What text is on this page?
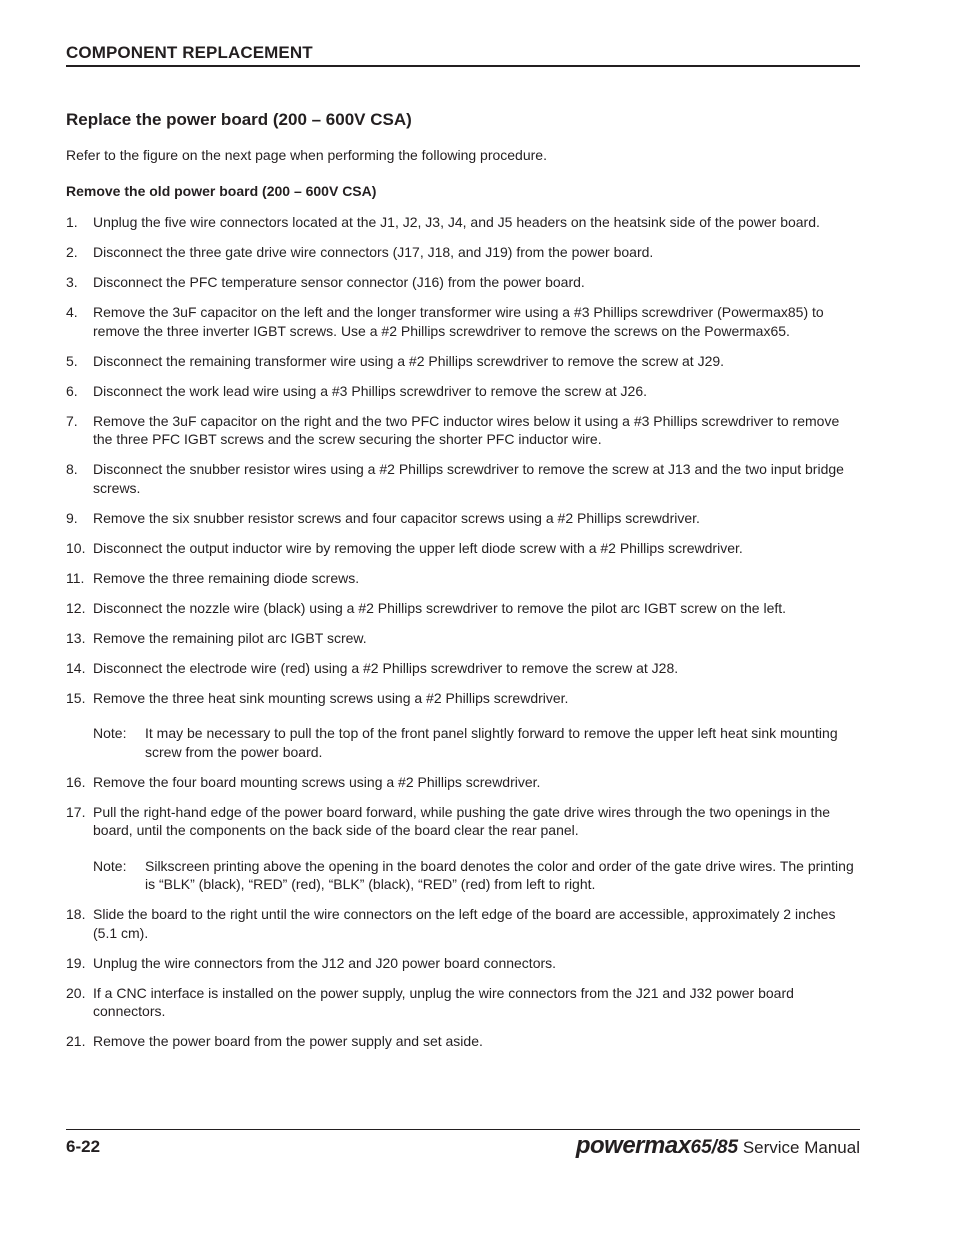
COMPONENT REPLACEMENT
Replace the power board (200 – 600V CSA)
Refer to the figure on the next page when performing the following procedure.
Remove the old power board (200 – 600V CSA)
1.	Unplug the five wire connectors located at the J1, J2, J3, J4, and J5 headers on the heatsink side of the power board.
2.	Disconnect the three gate drive wire connectors (J17, J18, and J19) from the power board.
3.	Disconnect the PFC temperature sensor connector (J16) from the power board.
4.	Remove the 3uF capacitor on the left and the longer transformer wire using a #3 Phillips screwdriver (Powermax85) to remove the three inverter IGBT screws. Use a #2 Phillips screwdriver to remove the screws on the Powermax65.
5.	Disconnect the remaining transformer wire using a #2 Phillips screwdriver to remove the screw at J29.
6.	Disconnect the work lead wire using a #3 Phillips screwdriver to remove the screw at J26.
7.	Remove the 3uF capacitor on the right and the two PFC inductor wires below it using a #3 Phillips screwdriver to remove the three PFC IGBT screws and the screw securing the shorter PFC inductor wire.
8.	Disconnect the snubber resistor wires using a #2 Phillips screwdriver to remove the screw at J13 and the two input bridge screws.
9.	Remove the six snubber resistor screws and four capacitor screws using a #2 Phillips screwdriver.
10. Disconnect the output inductor wire by removing the upper left diode screw with a #2 Phillips screwdriver.
11. Remove the three remaining diode screws.
12. Disconnect the nozzle wire (black) using a #2 Phillips screwdriver to remove the pilot arc IGBT screw on the left.
13. Remove the remaining pilot arc IGBT screw.
14. Disconnect the electrode wire (red) using a #2 Phillips screwdriver to remove the screw at J28.
15. Remove the three heat sink mounting screws using a #2 Phillips screwdriver.
Note:	It may be necessary to pull the top of the front panel slightly forward to remove the upper left heat sink mounting screw from the power board.
16. Remove the four board mounting screws using a #2 Phillips screwdriver.
17. Pull the right-hand edge of the power board forward, while pushing the gate drive wires through the two openings in the board, until the components on the back side of the board clear the rear panel.
Note:	Silkscreen printing above the opening in the board denotes the color and order of the gate drive wires. The printing is “BLK” (black), “RED” (red), “BLK” (black), “RED” (red) from left to right.
18. Slide the board to the right until the wire connectors on the left edge of the board are accessible, approximately 2 inches (5.1 cm).
19. Unplug the wire connectors from the J12 and J20 power board connectors.
20. If a CNC interface is installed on the power supply, unplug the wire connectors from the J21 and J32 power board connectors.
21. Remove the power board from the power supply and set aside.
6-22	powermax65/85 Service Manual
